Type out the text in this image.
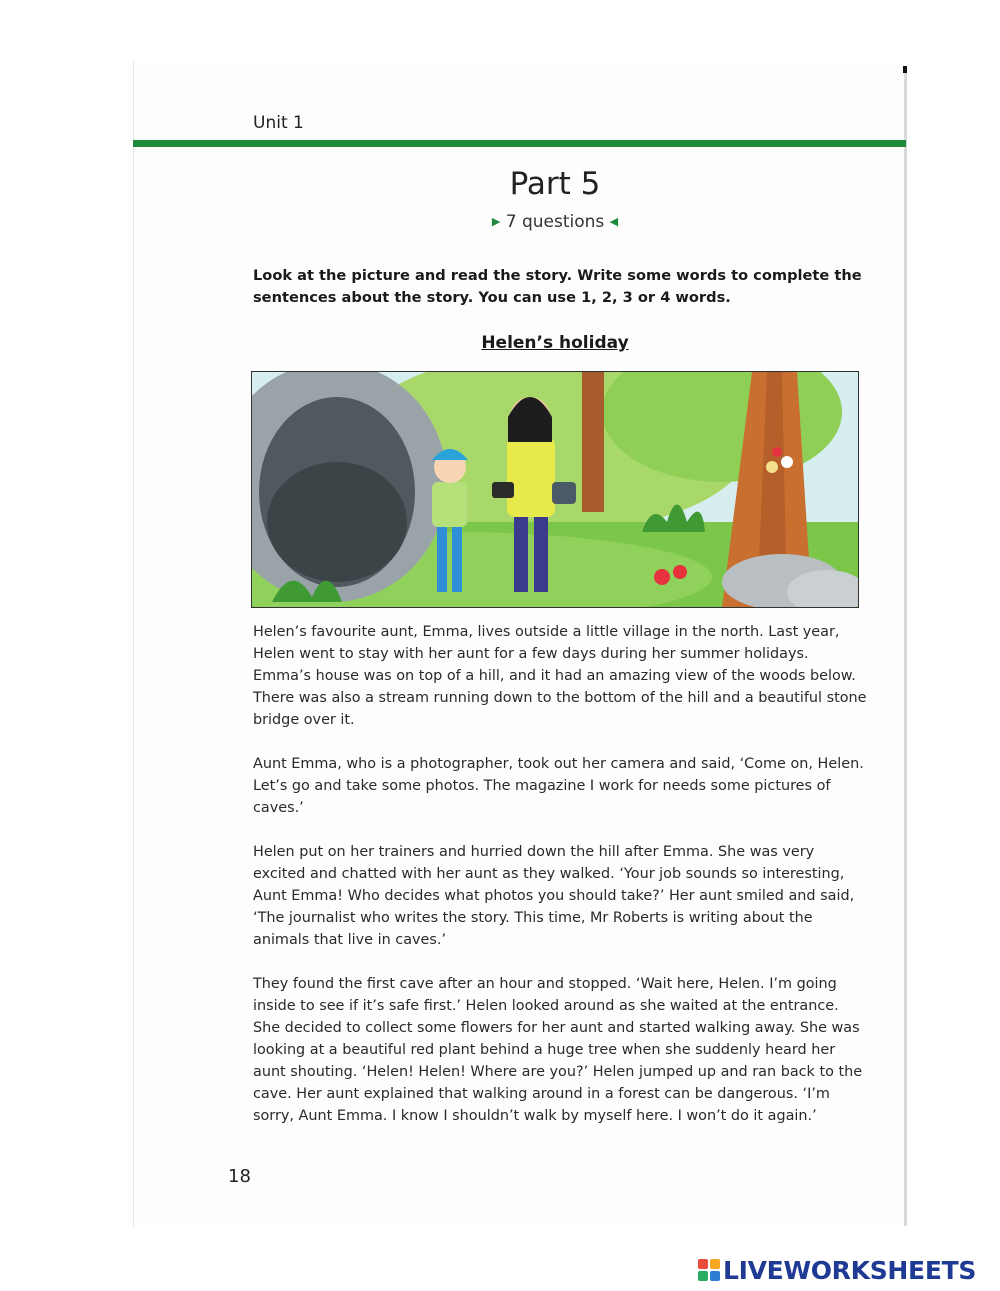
Unit 1
Part 5
▶ 7 questions ◀
Look at the picture and read the story. Write some words to complete the sentences about the story. You can use 1, 2, 3 or 4 words.
Helen’s holiday

Helen’s favourite aunt, Emma, lives outside a little village in the north. Last year, Helen went to stay with her aunt for a few days during her summer holidays. Emma’s house was on top of a hill, and it had an amazing view of the woods below. There was also a stream running down to the bottom of the hill and a beautiful stone bridge over it.

Aunt Emma, who is a photographer, took out her camera and said, ‘Come on, Helen. Let’s go and take some photos. The magazine I work for needs some pictures of caves.’

Helen put on her trainers and hurried down the hill after Emma. She was very excited and chatted with her aunt as they walked. ‘Your job sounds so interesting, Aunt Emma! Who decides what photos you should take?’ Her aunt smiled and said, ‘The journalist who writes the story. This time, Mr Roberts is writing about the animals that live in caves.’

They found the first cave after an hour and stopped. ‘Wait here, Helen. I’m going inside to see if it’s safe first.’ Helen looked around as she waited at the entrance. She decided to collect some flowers for her aunt and started walking away. She was looking at a beautiful red plant behind a huge tree when she suddenly heard her aunt shouting. ‘Helen! Helen! Where are you?’ Helen jumped up and ran back to the cave. Her aunt explained that walking around in a forest can be dangerous. ‘I’m sorry, Aunt Emma. I know I shouldn’t walk by myself here. I won’t do it again.’

18
LIVEWORKSHEETS
